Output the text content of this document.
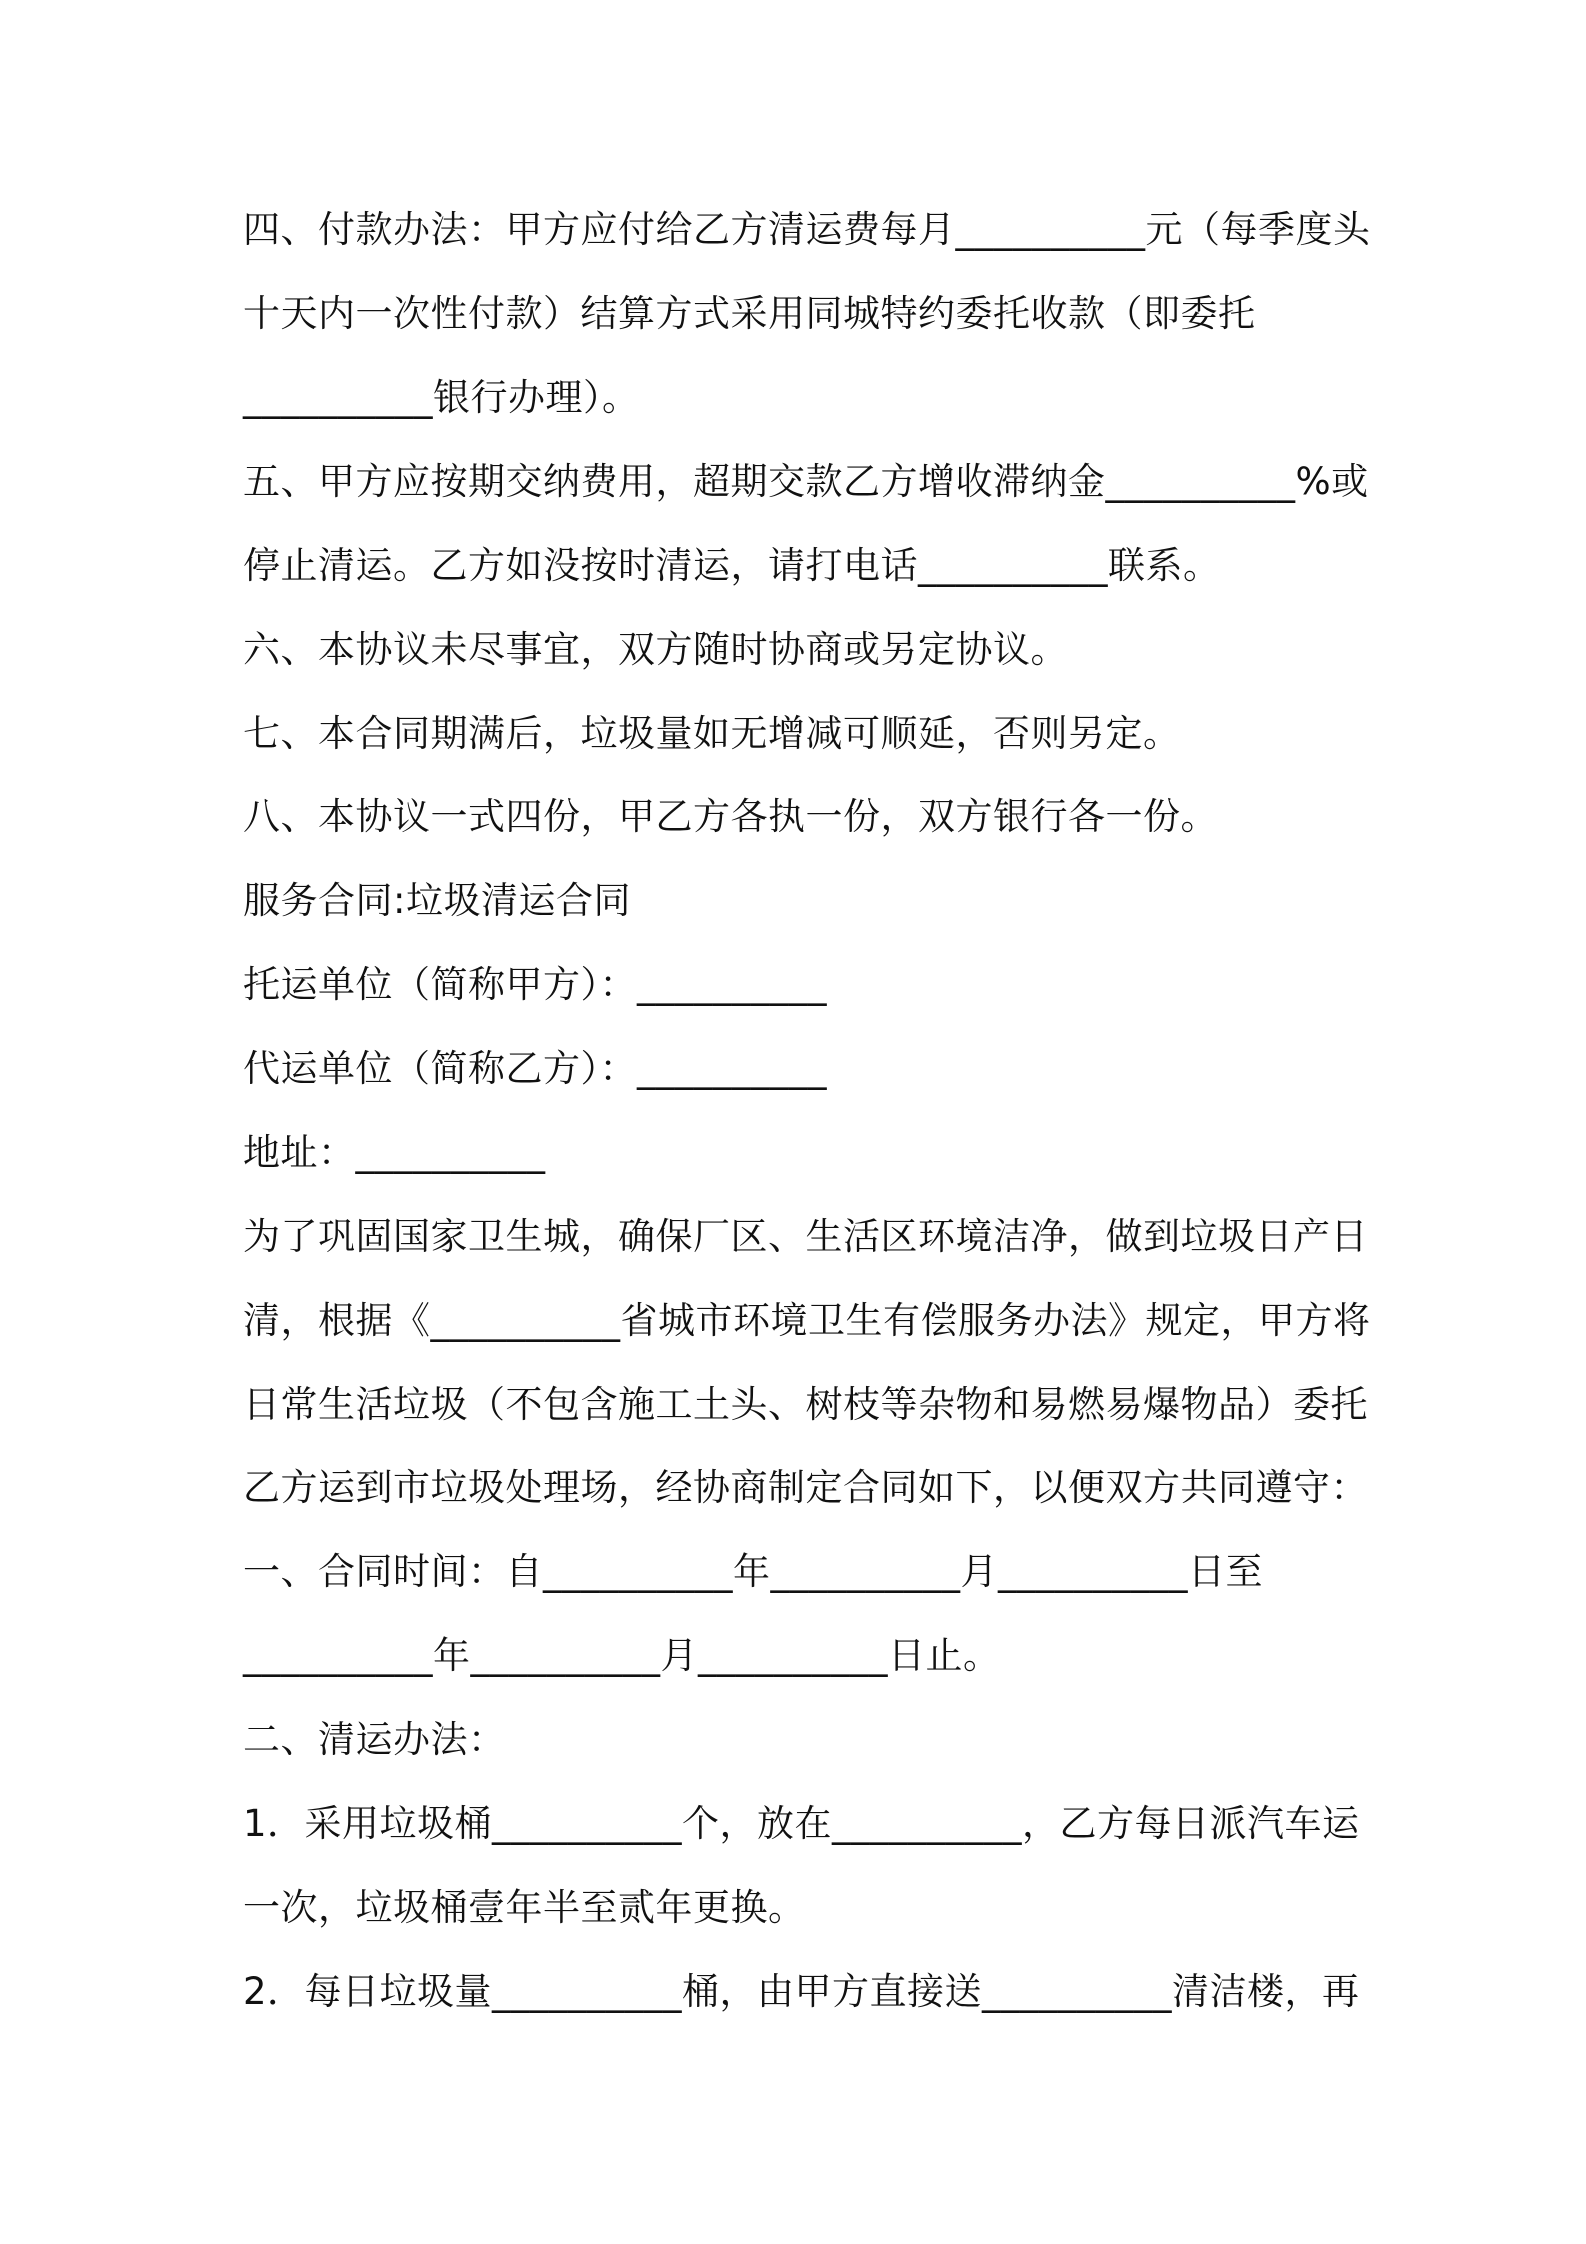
四、付款办法：甲方应付给乙方清运费每月__________元（每季度头
十天内一次性付款）结算方式采用同城特约委托收款（即委托
__________银行办理）。
五、甲方应按期交纳费用，超期交款乙方增收滞纳金__________%或
停止清运。乙方如没按时清运，请打电话__________联系。
六、本协议未尽事宜，双方随时协商或另定协议。
七、本合同期满后，垃圾量如无增减可顺延，否则另定。
八、本协议一式四份，甲乙方各执一份，双方银行各一份。
服务合同:垃圾清运合同
托运单位（简称甲方）：__________
代运单位（简称乙方）：__________
地址：__________
为了巩固国家卫生城，确保厂区、生活区环境洁净，做到垃圾日产日
清，根据《__________省城市环境卫生有偿服务办法》规定，甲方将
日常生活垃圾（不包含施工土头、树枝等杂物和易燃易爆物品）委托
乙方运到市垃圾处理场，经协商制定合同如下，以便双方共同遵守：
一、合同时间：自__________年__________月__________日至
__________年__________月__________日止。
二、清运办法：
1．采用垃圾桶__________个，放在__________，乙方每日派汽车运
一次，垃圾桶壹年半至贰年更换。
2．每日垃圾量__________桶，由甲方直接送__________清洁楼，再
